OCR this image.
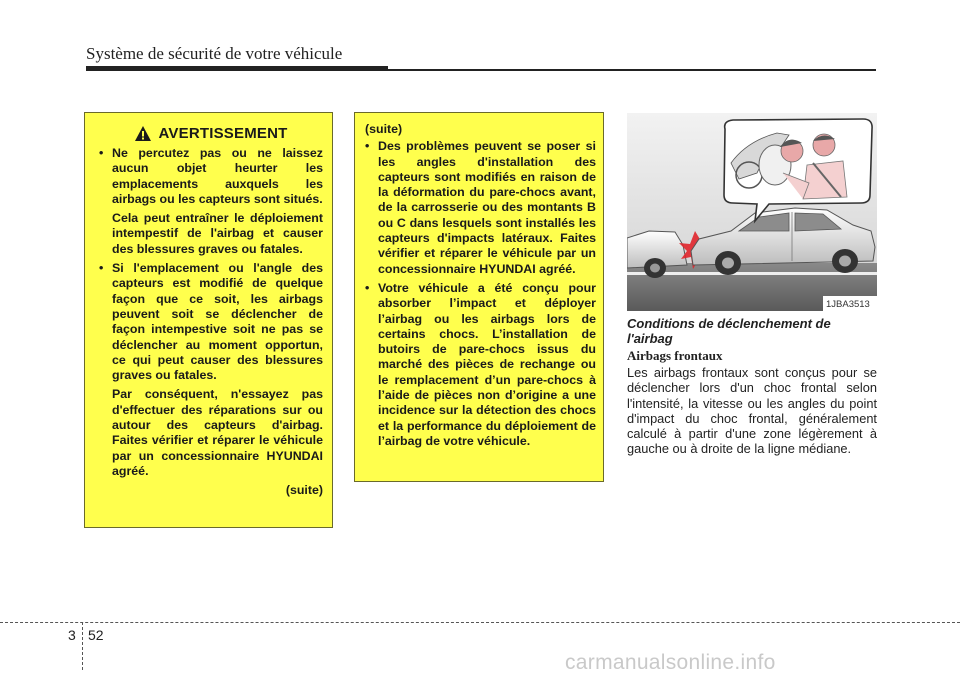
Système de sécurité de votre véhicule
AVERTISSEMENT
• Ne percutez pas ou ne laissez aucun objet heurter les emplacements auxquels les airbags ou les capteurs sont situés.
Cela peut entraîner le déploiement intempestif de l'airbag et causer des blessures graves ou fatales.
• Si l'emplacement ou l'angle des capteurs est modifié de quelque façon que ce soit, les airbags peuvent soit se déclencher de façon intempestive soit ne pas se déclencher au moment opportun, ce qui peut causer des blessures graves ou fatales.
Par conséquent, n'essayez pas d'effectuer des réparations sur ou autour des capteurs d'airbag. Faites vérifier et réparer le véhicule par un concessionnaire HYUNDAI agréé.
(suite)
(suite)
• Des problèmes peuvent se poser si les angles d'installation des capteurs sont modifiés en raison de la déformation du pare-chocs avant, de la carrosserie ou des montants B ou C dans lesquels sont installés les capteurs d'impacts latéraux. Faites vérifier et réparer le véhicule par un concessionnaire HYUNDAI agréé.
• Votre véhicule a été conçu pour absorber l’impact et déployer l’airbag ou les airbags lors de certains chocs. L’installation de butoirs de pare-chocs issus du marché des pièces de rechange ou le remplacement d’un pare-chocs à l’aide de pièces non d’origine a une incidence sur la détection des chocs et la performance du déploiement de l’airbag de votre véhicule.
1JBA3513
Conditions de déclenchement de l'airbag
Airbags frontaux
Les airbags frontaux sont conçus pour se déclencher lors d'un choc frontal selon l'intensité, la vitesse ou les angles du point d'impact du choc frontal, généralement calculé à partir d'une zone légèrement à gauche ou à droite de la ligne médiane.
3 52
carmanualsonline.info
